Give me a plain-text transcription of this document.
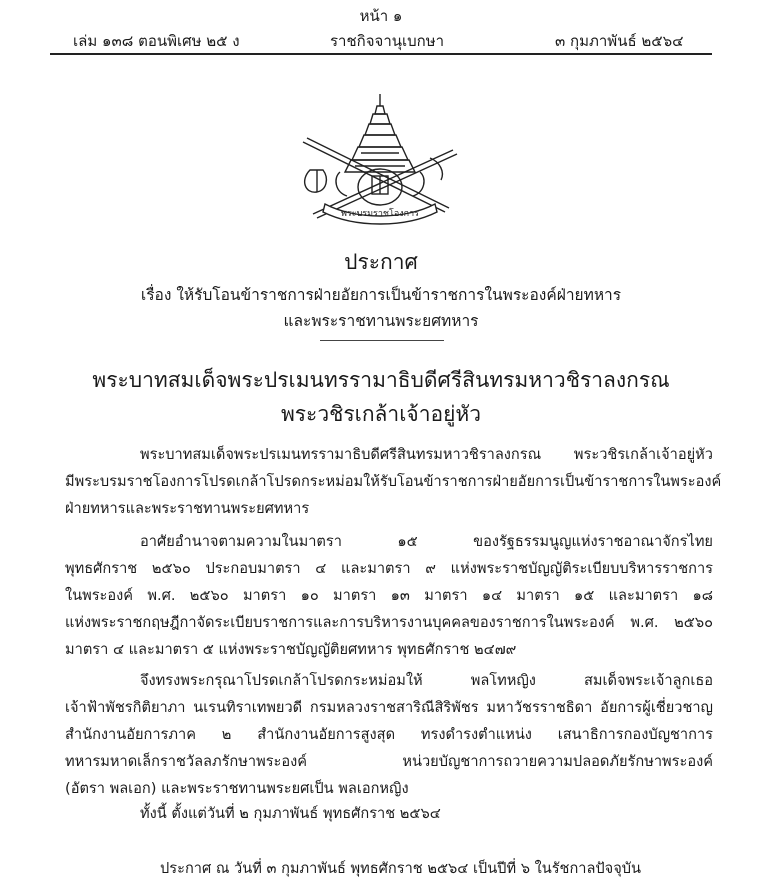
หน้า ๑
เล่ม ๑๓๘ ตอนพิเศษ ๒๕ ง	ราชกิจจานุเบกษา	๓ กุมภาพันธ์ ๒๕๖๔
พระบรมราชโองการ
ประกาศ
เรื่อง ให้รับโอนข้าราชการฝ่ายอัยการเป็นข้าราชการในพระองค์ฝ่ายทหาร
และพระราชทานพระยศทหาร
พระบาทสมเด็จพระปรเมนทรรามาธิบดีศรีสินทรมหาวชิราลงกรณ
พระวชิรเกล้าเจ้าอยู่หัว
พระบาทสมเด็จพระปรเมนทรรามาธิบดีศรีสินทรมหาวชิราลงกรณ พระวชิรเกล้าเจ้าอยู่หัว
มีพระบรมราชโองการโปรดเกล้าโปรดกระหม่อมให้รับโอนข้าราชการฝ่ายอัยการเป็นข้าราชการในพระองค์
ฝ่ายทหารและพระราชทานพระยศทหาร
อาศัยอำนาจตามความในมาตรา ๑๕ ของรัฐธรรมนูญแห่งราชอาณาจักรไทย
พุทธศักราช ๒๕๖๐ ประกอบมาตรา ๔ และมาตรา ๙ แห่งพระราชบัญญัติระเบียบบริหารราชการ
ในพระองค์ พ.ศ. ๒๕๖๐ มาตรา ๑๐ มาตรา ๑๓ มาตรา ๑๔ มาตรา ๑๕ และมาตรา ๑๘
แห่งพระราชกฤษฎีกาจัดระเบียบราชการและการบริหารงานบุคคลของราชการในพระองค์ พ.ศ. ๒๕๖๐
มาตรา ๔ และมาตรา ๕ แห่งพระราชบัญญัติยศทหาร พุทธศักราช ๒๔๗๙
จึงทรงพระกรุณาโปรดเกล้าโปรดกระหม่อมให้ พลโทหญิง สมเด็จพระเจ้าลูกเธอ
เจ้าฟ้าพัชรกิติยาภา นเรนทิราเทพยวดี กรมหลวงราชสาริณีสิริพัชร มหาวัชรราชธิดา อัยการผู้เชี่ยวชาญ
สำนักงานอัยการภาค ๒ สำนักงานอัยการสูงสุด ทรงดำรงตำแหน่ง เสนาธิการกองบัญชาการ
ทหารมหาดเล็กราชวัลลภรักษาพระองค์ หน่วยบัญชาการถวายความปลอดภัยรักษาพระองค์
(อัตรา พลเอก) และพระราชทานพระยศเป็น พลเอกหญิง
ทั้งนี้ ตั้งแต่วันที่ ๒ กุมภาพันธ์ พุทธศักราช ๒๕๖๔
ประกาศ ณ วันที่ ๓ กุมภาพันธ์ พุทธศักราช ๒๕๖๔ เป็นปีที่ ๖ ในรัชกาลปัจจุบัน
